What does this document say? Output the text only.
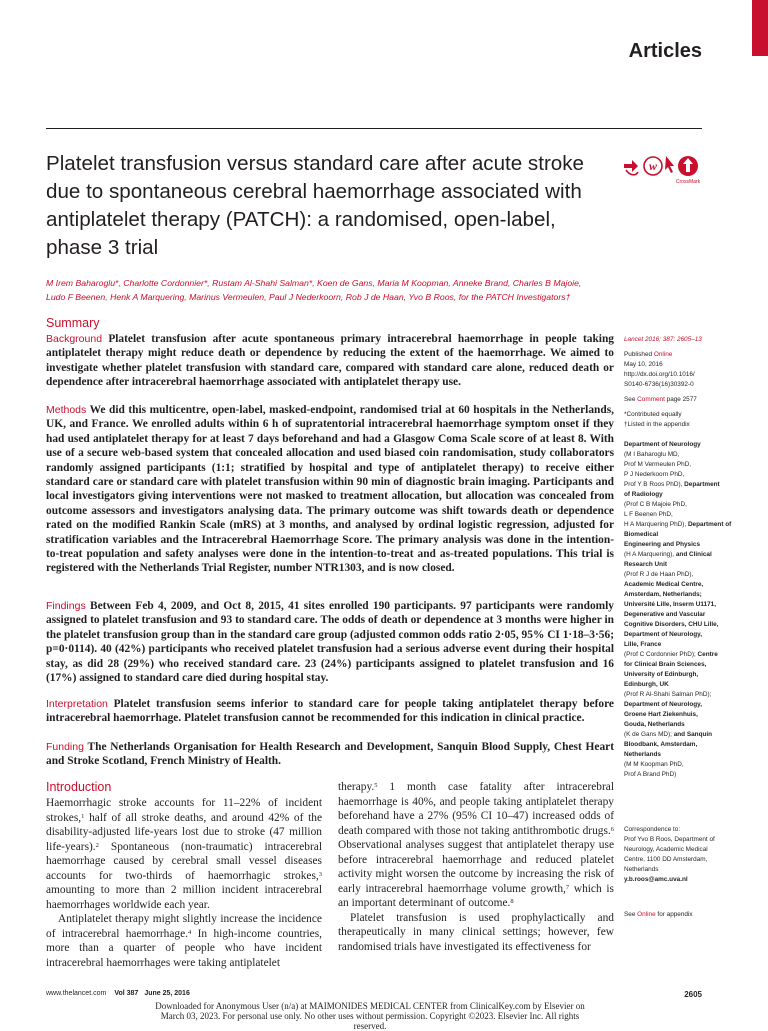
Articles
Platelet transfusion versus standard care after acute stroke due to spontaneous cerebral haemorrhage associated with antiplatelet therapy (PATCH): a randomised, open-label, phase 3 trial
M Irem Baharoglu*, Charlotte Cordonnier*, Rustam Al-Shahi Salman*, Koen de Gans, Maria M Koopman, Anneke Brand, Charles B Majoie,
Ludo F Beenen, Henk A Marquering, Marinus Vermeulen, Paul J Nederkoorn, Rob J de Haan, Yvo B Roos, for the PATCH Investigators†
w
CrossMark
Summary

Background Platelet transfusion after acute spontaneous primary intracerebral haemorrhage in people taking antiplatelet therapy might reduce death or dependence by reducing the extent of the haemorrhage. We aimed to investigate whether platelet transfusion with standard care, compared with standard care alone, reduced death or dependence after intracerebral haemorrhage associated with antiplatelet therapy use.

Methods We did this multicentre, open-label, masked-endpoint, randomised trial at 60 hospitals in the Netherlands, UK, and France. We enrolled adults within 6 h of supratentorial intracerebral haemorrhage symptom onset if they had used antiplatelet therapy for at least 7 days beforehand and had a Glasgow Coma Scale score of at least 8. With use of a secure web-based system that concealed allocation and used biased coin randomisation, study collaborators randomly assigned participants (1:1; stratified by hospital and type of antiplatelet therapy) to receive either standard care or standard care with platelet transfusion within 90 min of diagnostic brain imaging. Participants and local investigators giving interventions were not masked to treatment allocation, but allocation was concealed from outcome assessors and investigators analysing data. The primary outcome was shift towards death or dependence rated on the modified Rankin Scale (mRS) at 3 months, and analysed by ordinal logistic regression, adjusted for stratification variables and the Intracerebral Haemorrhage Score. The primary analysis was done in the intention-to-treat population and safety analyses were done in the intention-to-treat and as-treated populations. This trial is registered with the Netherlands Trial Register, number NTR1303, and is now closed.

Findings Between Feb 4, 2009, and Oct 8, 2015, 41 sites enrolled 190 participants. 97 participants were randomly assigned to platelet transfusion and 93 to standard care. The odds of death or dependence at 3 months were higher in the platelet transfusion group than in the standard care group (adjusted common odds ratio 2·05, 95% CI 1·18–3·56; p=0·0114). 40 (42%) participants who received platelet transfusion had a serious adverse event during their hospital stay, as did 28 (29%) who received standard care. 23 (24%) participants assigned to platelet transfusion and 16 (17%) assigned to standard care died during hospital stay.

Interpretation Platelet transfusion seems inferior to standard care for people taking antiplatelet therapy before intracerebral haemorrhage. Platelet transfusion cannot be recommended for this indication in clinical practice.

Funding The Netherlands Organisation for Health Research and Development, Sanquin Blood Supply, Chest Heart and Stroke Scotland, French Ministry of Health.

Introduction

Haemorrhagic stroke accounts for 11–22% of incident strokes,$^1$ half of all stroke deaths, and around 42% of the disability-adjusted life-years lost due to stroke (47 million life-years).$^2$ Spontaneous (non-traumatic) intracerebral haemorrhage caused by cerebral small vessel diseases accounts for two-thirds of haemorrhagic strokes,$^3$ amounting to more than 2 million incident intracerebral haemorrhages worldwide each year.

Antiplatelet therapy might slightly increase the incidence of intracerebral haemorrhage.$^4$ In high-income countries, more than a quarter of people who have incident intracerebral haemorrhages were taking antiplatelet

therapy.$^5$ 1 month case fatality after intracerebral haemorrhage is 40%, and people taking antiplatelet therapy beforehand have a 27% (95% CI 10–47) increased odds of death compared with those not taking antithrombotic drugs.$^6$ Observational analyses suggest that antiplatelet therapy use before intracerebral haemorrhage and reduced platelet activity might worsen the outcome by increasing the risk of early intracerebral haemorrhage volume growth,$^7$ which is an important determinant of outcome.$^8$

Platelet transfusion is used prophylactically and therapeutically in many clinical settings; however, few randomised trials have investigated its effectiveness for

Lancet 2016; 387: 2605–13

Published Online

May 10, 2016

http://dx.doi.org/10.1016/

S0140-6736(16)30392-0

See Comment page 2577

*Contributed equally

†Listed in the appendix

Department of Neurology

(M I Baharoglu MD,

Prof M Vermeulen PhD,

P J Nederkoorn PhD,

Prof Y B Roos PhD), Department

of Radiology

(Prof C B Majoie PhD,

L F Beenen PhD,

H A Marquering PhD), Department of Biomedical

Engineering and Physics

(H A Marquering), and Clinical

Research Unit

(Prof R J de Haan PhD),

Academic Medical Centre,

Amsterdam, Netherlands;

Université Lille, Inserm U1171,

Degenerative and Vascular

Cognitive Disorders, CHU Lille,

Department of Neurology,

Lille, France

(Prof C Cordonnier PhD); Centre

for Clinical Brain Sciences,

University of Edinburgh,

Edinburgh, UK

(Prof R Al-Shahi Salman PhD);

Department of Neurology,

Groene Hart Ziekenhuis,

Gouda, Netherlands

(K de Gans MD); and Sanquin

Bloodbank, Amsterdam,

Netherlands

(M M Koopman PhD,

Prof A Brand PhD)

Correspondence to:

Prof Yvo B Roos, Department of

Neurology, Academic Medical

Centre, 1100 DD Amsterdam,

Netherlands

y.b.roos@amc.uva.nl

See Online for appendix

www.thelancet.com Vol 387 June 25, 2016	2605

Downloaded for Anonymous User (n/a) at MAIMONIDES MEDICAL CENTER from ClinicalKey.com by Elsevier on March 03, 2023. For personal use only. No other uses without permission. Copyright ©2023. Elsevier Inc. All rights reserved.
